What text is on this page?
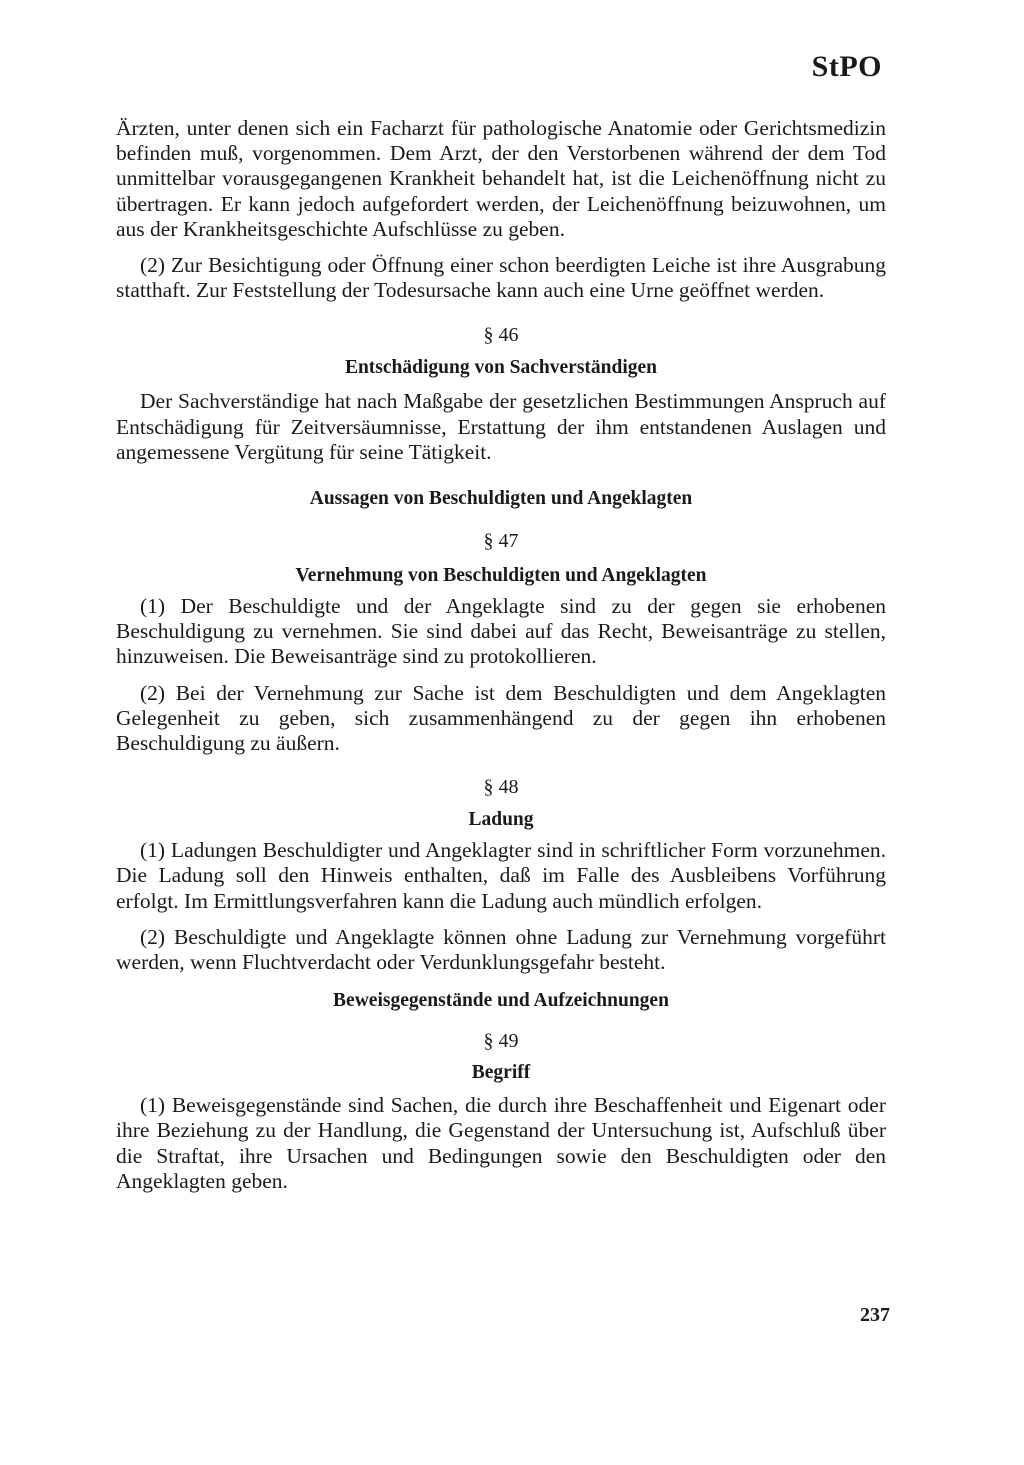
StPO

Ärzten, unter denen sich ein Facharzt für pathologische Anatomie oder Gerichtsmedizin befinden muß, vorgenommen. Dem Arzt, der den Verstorbenen während der dem Tod unmittelbar vorausgegangenen Krankheit behandelt hat, ist die Leichenöffnung nicht zu übertragen. Er kann jedoch aufgefordert werden, der Leichenöffnung beizuwohnen, um aus der Krankheitsgeschichte Aufschlüsse zu geben.

(2) Zur Besichtigung oder Öffnung einer schon beerdigten Leiche ist ihre Ausgrabung statthaft. Zur Feststellung der Todesursache kann auch eine Urne geöffnet werden.

§ 46

Entschädigung von Sachverständigen

Der Sachverständige hat nach Maßgabe der gesetzlichen Bestimmungen Anspruch auf Entschädigung für Zeitversäumnisse, Erstattung der ihm entstandenen Auslagen und angemessene Vergütung für seine Tätigkeit.

Aussagen von Beschuldigten und Angeklagten

§ 47

Vernehmung von Beschuldigten und Angeklagten

(1) Der Beschuldigte und der Angeklagte sind zu der gegen sie erhobenen Beschuldigung zu vernehmen. Sie sind dabei auf das Recht, Beweisanträge zu stellen, hinzuweisen. Die Beweisanträge sind zu protokollieren.

(2) Bei der Vernehmung zur Sache ist dem Beschuldigten und dem Angeklagten Gelegenheit zu geben, sich zusammenhängend zu der gegen ihn erhobenen Beschuldigung zu äußern.

§ 48

Ladung

(1) Ladungen Beschuldigter und Angeklagter sind in schriftlicher Form vorzunehmen. Die Ladung soll den Hinweis enthalten, daß im Falle des Ausbleibens Vorführung erfolgt. Im Ermittlungsverfahren kann die Ladung auch mündlich erfolgen.

(2) Beschuldigte und Angeklagte können ohne Ladung zur Vernehmung vorgeführt werden, wenn Fluchtverdacht oder Verdunklungsgefahr besteht.

Beweisgegenstände und Aufzeichnungen

§ 49

Begriff

(1) Beweisgegenstände sind Sachen, die durch ihre Beschaffenheit und Eigenart oder ihre Beziehung zu der Handlung, die Gegenstand der Untersuchung ist, Aufschluß über die Straftat, ihre Ursachen und Bedingungen sowie den Beschuldigten oder den Angeklagten geben.

237
